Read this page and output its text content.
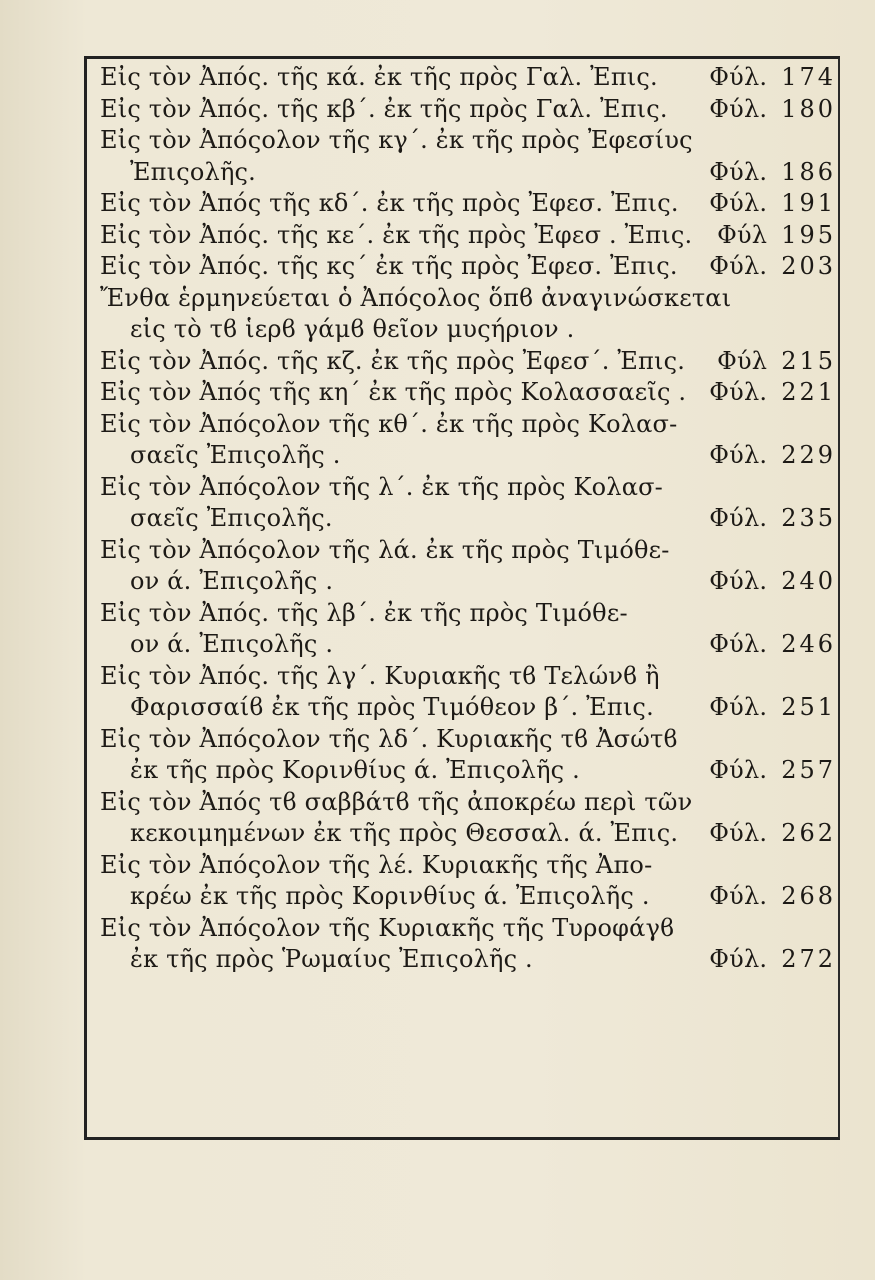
Εἰς τὸν Ἀπός. τῆς κά. ἐκ τῆς πρὸς Γαλ. Ἐπις. Φύλ. 174
Εἰς τὸν Ἀπός. τῆς κβ΄. ἐκ τῆς πρὸς Γαλ. Ἐπις. Φύλ. 180
Εἰς τὸν Ἀπόςολον τῆς κγ΄. ἐκ τῆς πρὸς Ἐφεσίυς
Ἐπιςολῆς.	Φύλ. 186
Εἰς τὸν Ἀπός τῆς κδ΄. ἐκ τῆς πρὸς Ἐφεσ. Ἐπις. Φύλ. 191
Εἰς τὸν Ἀπός. τῆς κε΄. ἐκ τῆς πρὸς Ἐφεσ . Ἐπις. Φύλ 195
Εἰς τὸν Ἀπός. τῆς κς΄ ἐκ τῆς πρὸς Ἐφεσ. Ἐπις. Φύλ. 203
Ἔνθα ἑρμηνεύεται ὁ Ἀπόςολος ὅπϐ ἀναγινώσκεται
εἰς τὸ τϐ ἱερϐ γάμϐ θεῖον μυςήριον .
Εἰς τὸν Ἀπός. τῆς κζ. ἐκ τῆς πρὸς Ἐφεσ΄. Ἐπις. Φύλ 215
Εἰς τὸν Ἀπός τῆς κη΄ ἐκ τῆς πρὸς Κολασσαεῖς . Φύλ. 221
Εἰς τὸν Ἀπόςολον τῆς κθ΄. ἐκ τῆς πρὸς Κολασ-
σαεῖς Ἐπιςολῆς .	Φύλ. 229
Εἰς τὸν Ἀπόςολον τῆς λ΄. ἐκ τῆς πρὸς Κολασ-
σαεῖς Ἐπιςολῆς.	Φύλ. 235
Εἰς τὸν Ἀπόςολον τῆς λά. ἐκ τῆς πρὸς Τιμόθε-
ον ά. Ἐπιςολῆς .	Φύλ. 240
Εἰς τὸν Ἀπός. τῆς λβ΄. ἐκ τῆς πρὸς Τιμόθε-
ον ά. Ἐπιςολῆς .	Φύλ. 246
Εἰς τὸν Ἀπός. τῆς λγ΄. Κυριακῆς τϐ Τελώνϐ ἢ
Φαρισσαίϐ ἐκ τῆς πρὸς Τιμόθεον β΄. Ἐπις. Φύλ. 251
Εἰς τὸν Ἀπόςολον τῆς λδ΄. Κυριακῆς τϐ Ἀσώτϐ
ἐκ τῆς πρὸς Κορινθίυς ά. Ἐπιςολῆς .	Φύλ. 257
Εἰς τὸν Ἀπός τϐ σαββάτϐ τῆς ἀποκρέω περὶ τῶν
κεκοιμημένων ἐκ τῆς πρὸς Θεσσαλ. ά. Ἐπις. Φύλ. 262
Εἰς τὸν Ἀπόςολον τῆς λέ. Κυριακῆς τῆς Ἀπο-
κρέω ἐκ τῆς πρὸς Κορινθίυς ά. Ἐπιςολῆς . Φύλ. 268
Εἰς τὸν Ἀπόςολον τῆς Κυριακῆς τῆς Τυροφάγϐ
ἐκ τῆς πρὸς Ῥωμαίυς Ἐπιςολῆς .	Φύλ. 272
